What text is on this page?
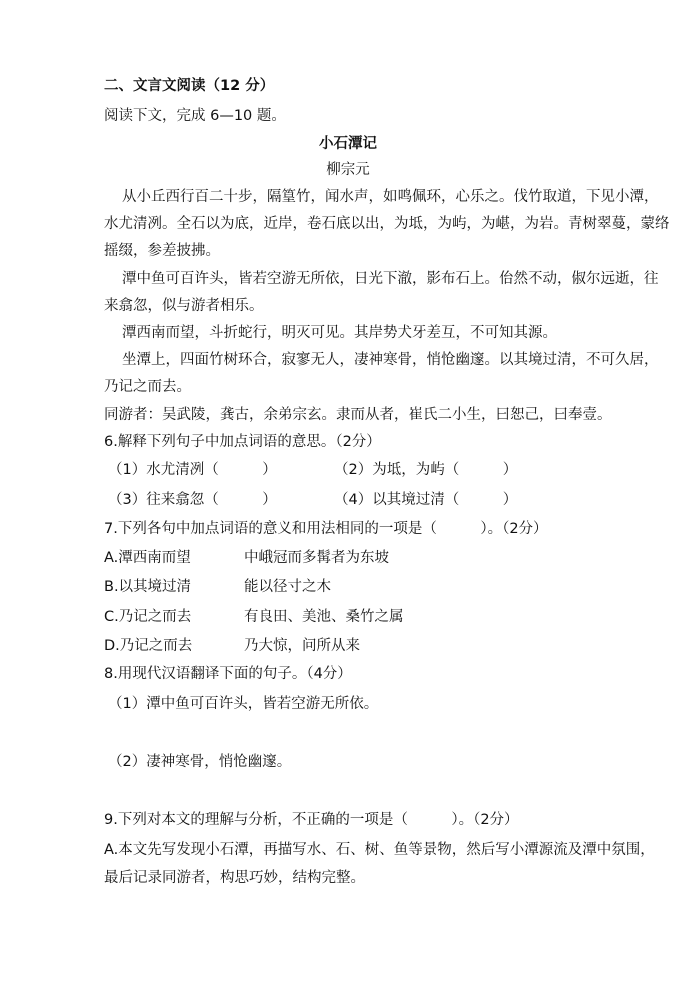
二、文言文阅读（12 分）
阅读下文，完成 6—10 题。
小石潭记
柳宗元
从小丘西行百二十步，隔篁竹，闻水声，如鸣佩环，心乐之。伐竹取道，下见小潭，
水尤清冽。全石以为底，近岸，卷石底以出，为坻，为屿，为嵁，为岩。青树翠蔓，蒙络
摇缀，参差披拂。
潭中鱼可百许头，皆若空游无所依，日光下澈，影布石上。佁然不动，俶尔远逝，往
来翕忽，似与游者相乐。
潭西南而望，斗折蛇行，明灭可见。其岸势犬牙差互，不可知其源。
坐潭上，四面竹树环合，寂寥无人，凄神寒骨，悄怆幽邃。以其境过清，不可久居，
乃记之而去。
同游者：吴武陵，龚古，余弟宗玄。隶而从者，崔氏二小生，曰恕己，曰奉壹。
6.解释下列句子中加点词语的意思。（2分）
（1）水尤清冽（　　　）	（2）为坻，为屿（　　　）
（3）往来翕忽（　　　）	（4）以其境过清（　　　）
7.下列各句中加点词语的意义和用法相同的一项是（　　　）。（2分）
A.潭西南而望	中峨冠而多髯者为东坡
B.以其境过清	能以径寸之木
C.乃记之而去	有良田、美池、桑竹之属
D.乃记之而去	乃大惊，问所从来
8.用现代汉语翻译下面的句子。（4分）
（1）潭中鱼可百许头，皆若空游无所依。
（2）凄神寒骨，悄怆幽邃。
9.下列对本文的理解与分析，不正确的一项是（　　　）。（2分）
A.本文先写发现小石潭，再描写水、石、树、鱼等景物，然后写小潭源流及潭中氛围，
最后记录同游者，构思巧妙，结构完整。
